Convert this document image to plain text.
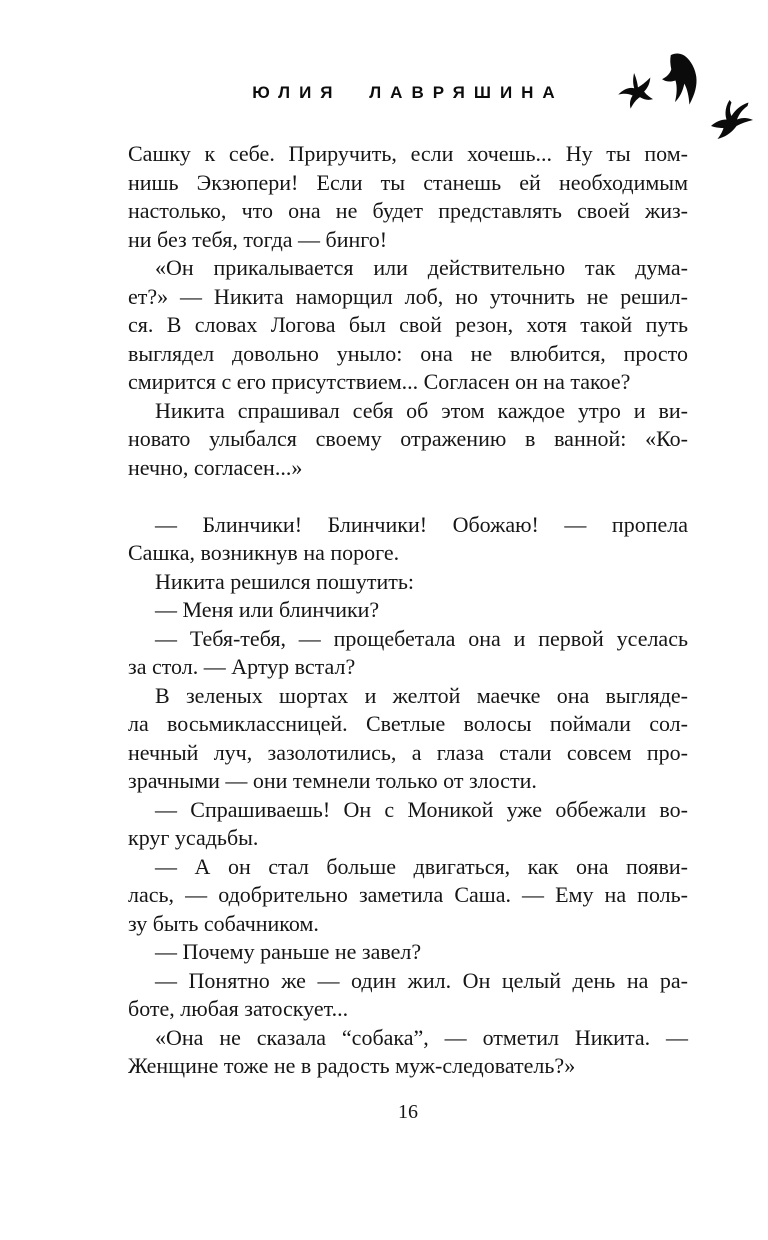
ЮЛИЯ ЛАВРЯШИНА
Сашку к себе. Приручить, если хочешь... Ну ты пом-
нишь Экзюпери! Если ты станешь ей необходимым
настолько, что она не будет представлять своей жиз-
ни без тебя, тогда — бинго!
«Он прикалывается или действительно так дума-
ет?» — Никита наморщил лоб, но уточнить не решил-
ся. В словах Логова был свой резон, хотя такой путь
выглядел довольно уныло: она не влюбится, просто
смирится с его присутствием... Согласен он на такое?
Никита спрашивал себя об этом каждое утро и ви-
новато улыбался своему отражению в ванной: «Ко-
нечно, согласен...»
— Блинчики! Блинчики! Обожаю! — пропела
Сашка, возникнув на пороге.
Никита решился пошутить:
— Меня или блинчики?
— Тебя-тебя, — прощебетала она и первой уселась
за стол. — Артур встал?
В зеленых шортах и желтой маечке она выгляде-
ла восьмиклассницей. Светлые волосы поймали сол-
нечный луч, зазолотились, а глаза стали совсем про-
зрачными — они темнели только от злости.
— Спрашиваешь! Он с Моникой уже оббежали во-
круг усадьбы.
— А он стал больше двигаться, как она появи-
лась, — одобрительно заметила Саша. — Ему на поль-
зу быть собачником.
— Почему раньше не завел?
— Понятно же — один жил. Он целый день на ра-
боте, любая затоскует...
«Она не сказала “собака”, — отметил Никита. —
Женщине тоже не в радость муж-следователь?»
16
